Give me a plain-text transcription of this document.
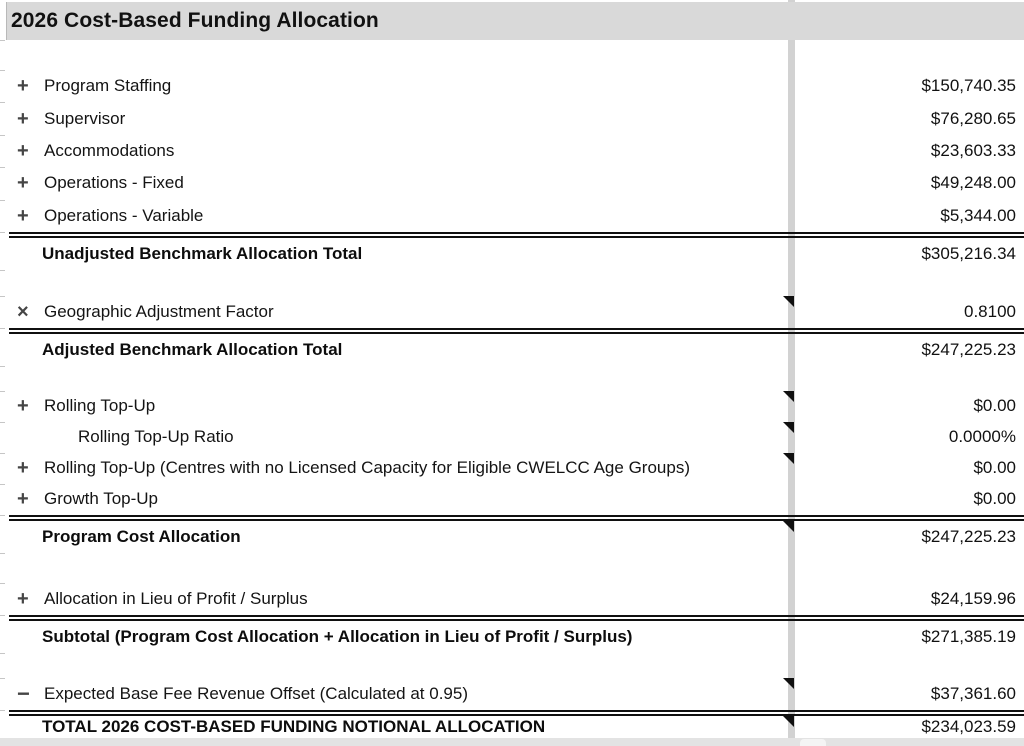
2026 Cost-Based Funding Allocation
+ Program Staffing	$150,740.35
+ Supervisor	$76,280.65
+ Accommodations	$23,603.33
+ Operations - Fixed	$49,248.00
+ Operations - Variable	$5,344.00
Unadjusted Benchmark Allocation Total	$305,216.34
× Geographic Adjustment Factor	0.8100
Adjusted Benchmark Allocation Total	$247,225.23
+ Rolling Top-Up	$0.00
Rolling Top-Up Ratio	0.0000%
+ Rolling Top-Up (Centres with no Licensed Capacity for Eligible CWELCC Age Groups)	$0.00
+ Growth Top-Up	$0.00
Program Cost Allocation	$247,225.23
+ Allocation in Lieu of Profit / Surplus	$24,159.96
Subtotal (Program Cost Allocation + Allocation in Lieu of Profit / Surplus)	$271,385.19
− Expected Base Fee Revenue Offset (Calculated at 0.95)	$37,361.60
TOTAL 2026 COST-BASED FUNDING NOTIONAL ALLOCATION	$234,023.59
